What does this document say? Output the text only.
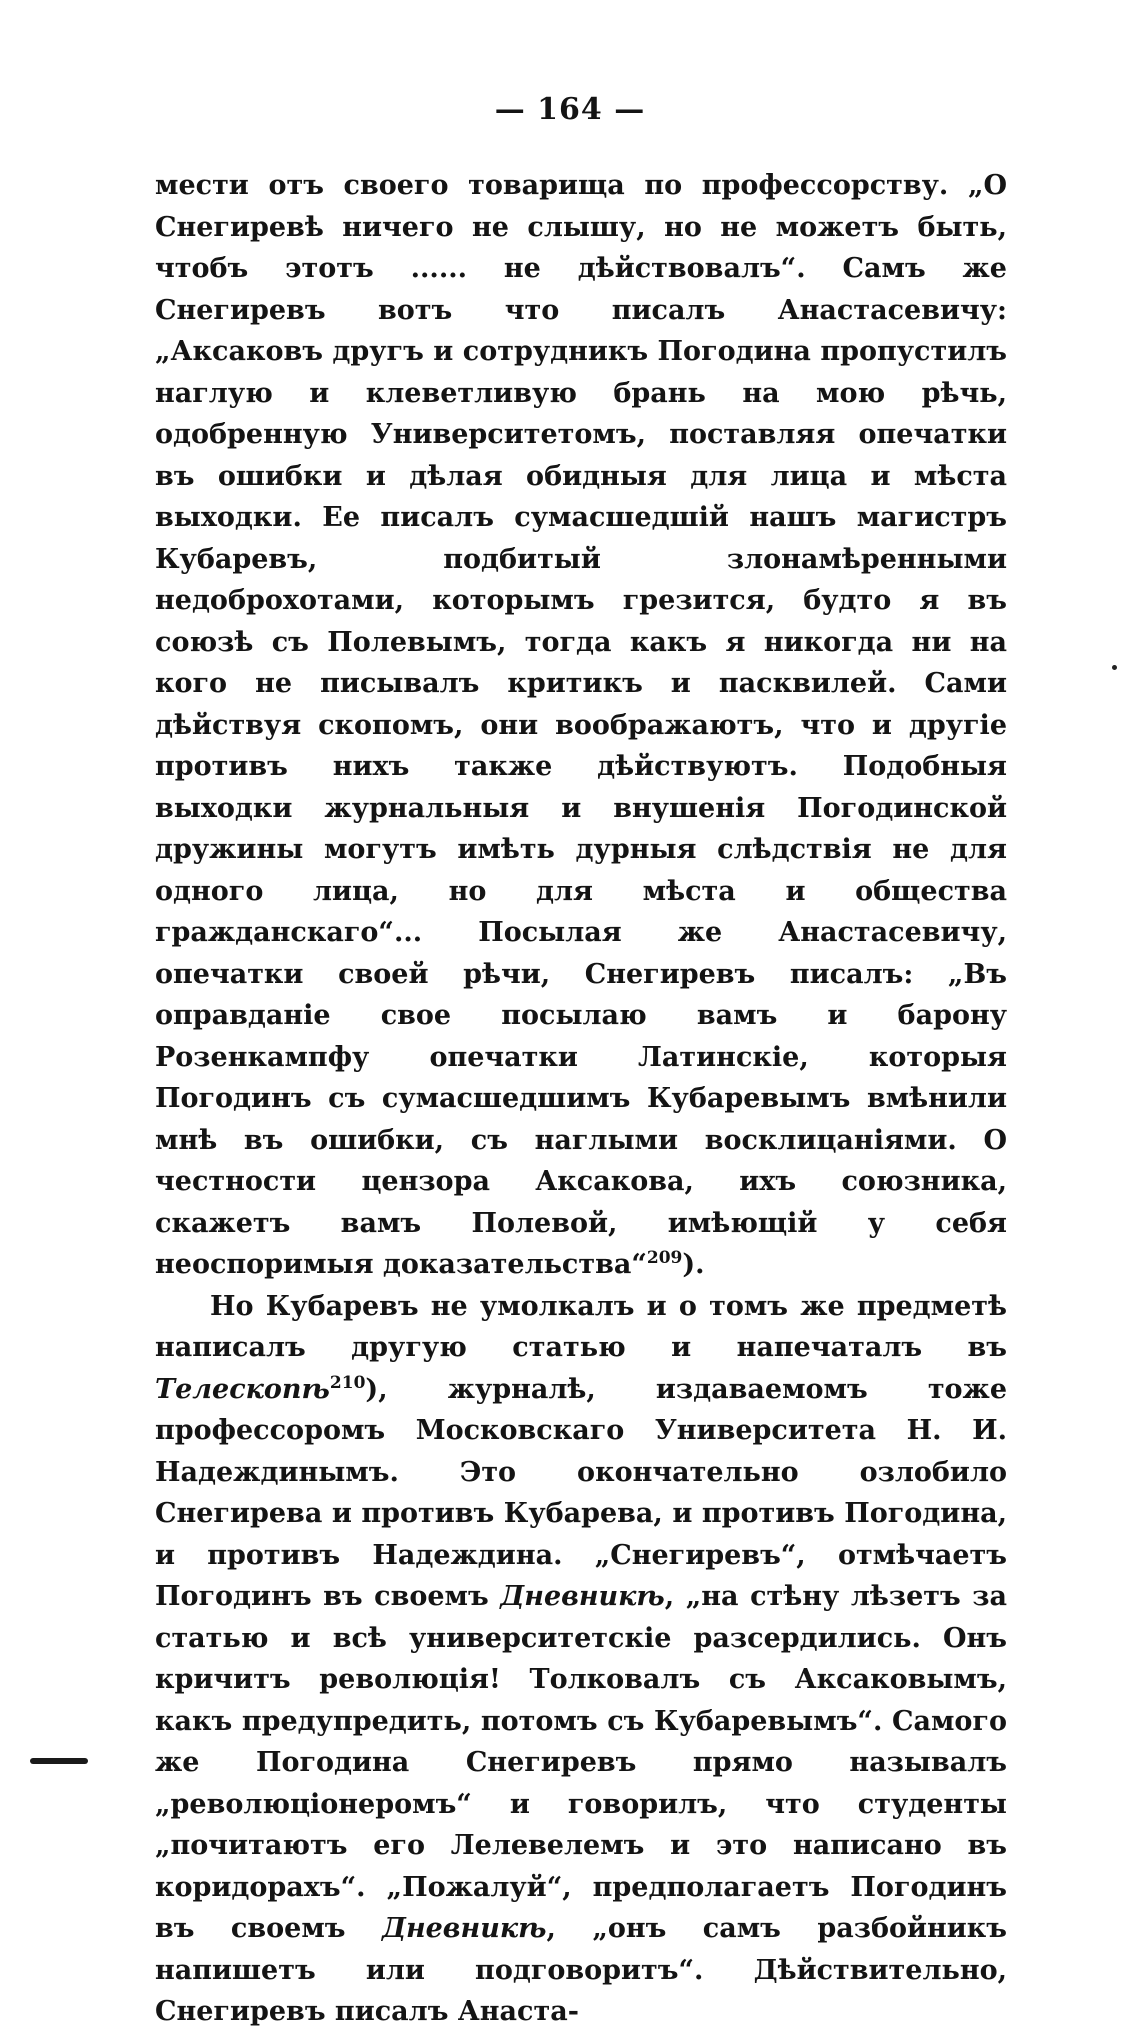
— 164 —

мести отъ своего товарища по профессорству. „О Снегиревѣ ничего не слышу, но не можетъ быть, чтобъ этотъ ...... не дѣйствовалъ“. Самъ же Снегиревъ вотъ что писалъ Анастасевичу: „Аксаковъ другъ и сотрудникъ Погодина пропустилъ наглую и клеветливую брань на мою рѣчь, одобренную Университетомъ, поставляя опечатки въ ошибки и дѣлая обидныя для лица и мѣста выходки. Ее писалъ сумасшедшій нашъ магистръ Кубаревъ, подбитый злонамѣренными недоброхотами, которымъ грезится, будто я въ союзѣ съ Полевымъ, тогда какъ я никогда ни на кого не писывалъ критикъ и пасквилей. Сами дѣйствуя скопомъ, они воображаютъ, что и другіе противъ нихъ также дѣйствуютъ. Подобныя выходки журнальныя и внушенія Погодинской дружины могутъ имѣть дурныя слѣдствія не для одного лица, но для мѣста и общества гражданскаго“... Посылая же Анастасевичу, опечатки своей рѣчи, Снегиревъ писалъ: „Въ оправданіе свое посылаю вамъ и барону Розенкампфу опечатки Латинскіе, которыя Погодинъ съ сумасшедшимъ Кубаревымъ вмѣнили мнѣ въ ошибки, съ наглыми восклицаніями. О честности цензора Аксакова, ихъ союзника, скажетъ вамъ Полевой, имѣющій у себя неоспоримыя доказательства“$^{209}$).

Но Кубаревъ не умолкалъ и о томъ же предметѣ написалъ другую статью и напечаталъ въ Телескопѣ$^{210}$), журналѣ, издаваемомъ тоже профессоромъ Московскаго Университета Н. И. Надеждинымъ. Это окончательно озлобило Снегирева и противъ Кубарева, и противъ Погодина, и противъ Надеждина. „Снегиревъ“, отмѣчаетъ Погодинъ въ своемъ Дневникѣ, „на стѣну лѣзетъ за статью и всѣ университетскіе разсердились. Онъ кричитъ революція! Толковалъ съ Аксаковымъ, какъ предупредить, потомъ съ Кубаревымъ“. Самого же Погодина Снегиревъ прямо называлъ „революціонеромъ“ и говорилъ, что студенты „почитаютъ его Лелевелемъ и это написано въ коридорахъ“. „Пожалуй“, предполагаетъ Погодинъ въ своемъ Дневникѣ, „онъ самъ разбойникъ напишетъ или подговоритъ“. Дѣйствительно, Снегиревъ писалъ Анаста-
